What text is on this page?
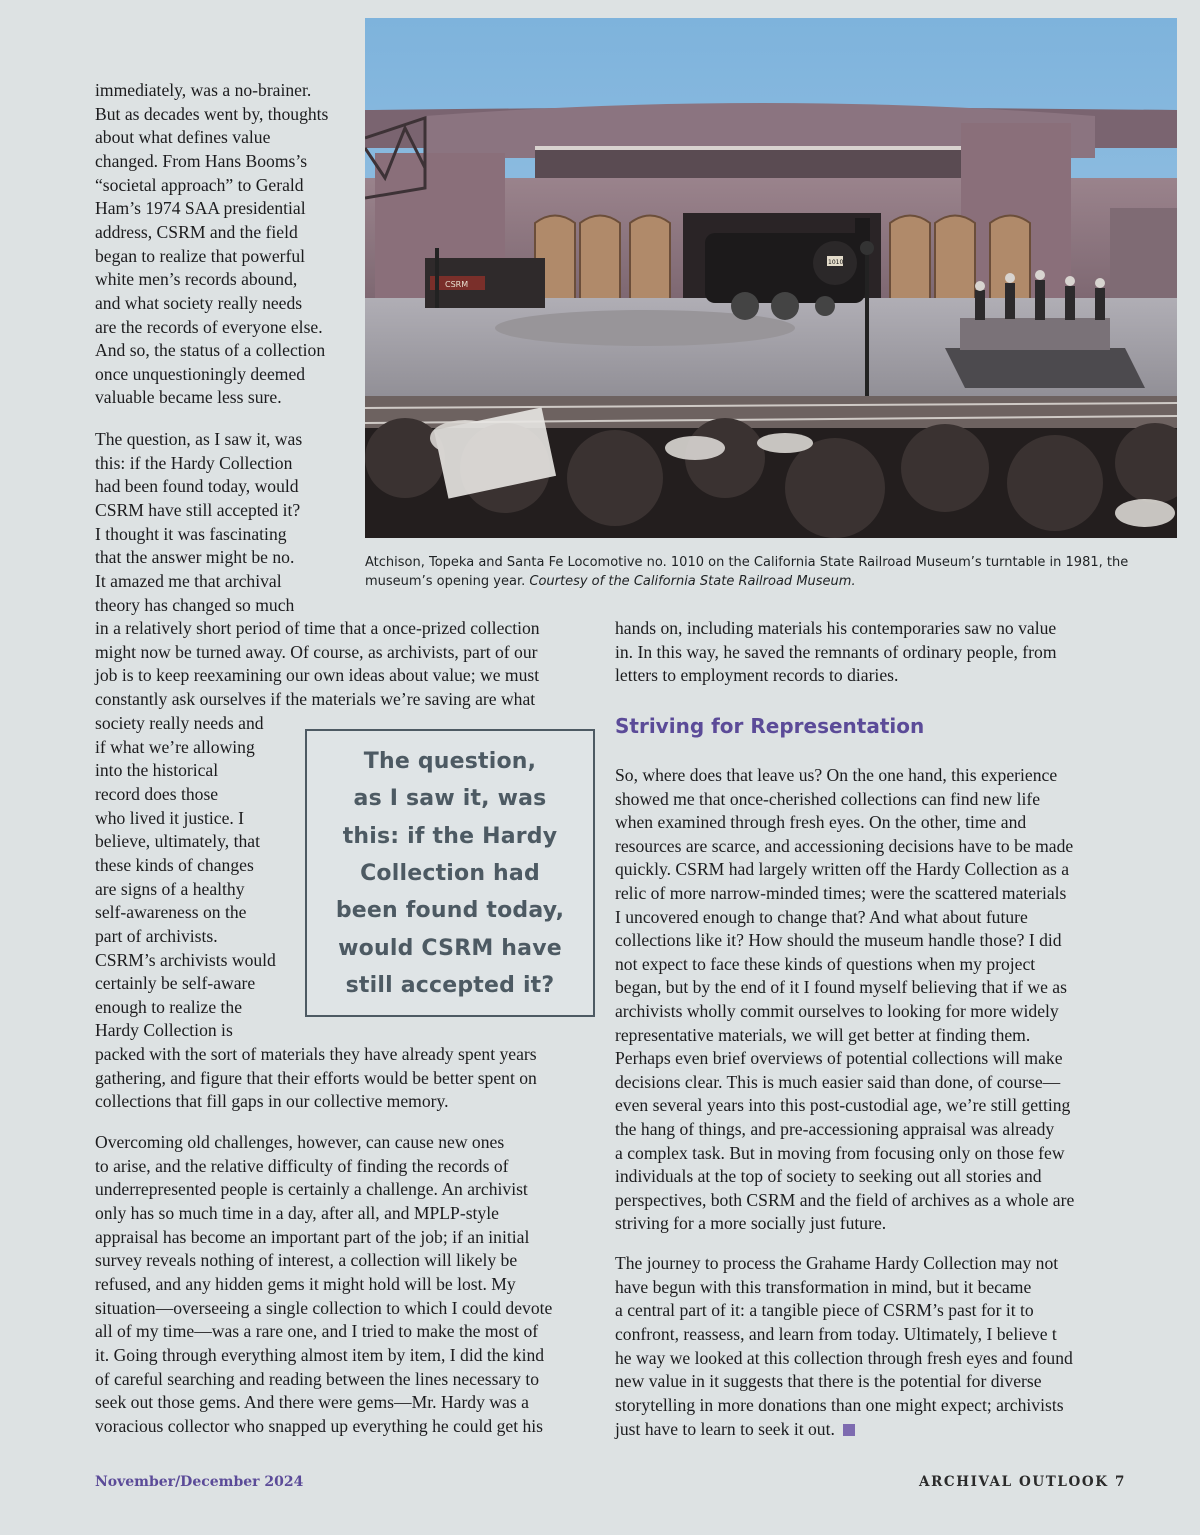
CSRM
1010
Atchison, Topeka and Santa Fe Locomotive no. 1010 on the California State Railroad Museum’s turntable in 1981, the
museum’s opening year. Courtesy of the California State Railroad Museum.
immediately, was a no-brainer.
But as decades went by, thoughts
about what defines value
changed. From Hans Booms’s
“societal approach” to Gerald
Ham’s 1974 SAA presidential
address, CSRM and the field
began to realize that powerful
white men’s records abound,
and what society really needs
are the records of everyone else.
And so, the status of a collection
once unquestioningly deemed
valuable became less sure.
The question, as I saw it, was
this: if the Hardy Collection
had been found today, would
CSRM have still accepted it?
I thought it was fascinating
that the answer might be no.
It amazed me that archival
theory has changed so much
in a relatively short period of time that a once-prized collection
might now be turned away. Of course, as archivists, part of our
job is to keep reexamining our own ideas about value; we must
constantly ask ourselves if the materials we’re saving are what
society really needs and
if what we’re allowing
into the historical
record does those
who lived it justice. I
believe, ultimately, that
these kinds of changes
are signs of a healthy
self-awareness on the
part of archivists.
CSRM’s archivists would
certainly be self-aware
enough to realize the
Hardy Collection is
packed with the sort of materials they have already spent years
gathering, and figure that their efforts would be better spent on
collections that fill gaps in our collective memory.
Overcoming old challenges, however, can cause new ones
to arise, and the relative difficulty of finding the records of
underrepresented people is certainly a challenge. An archivist
only has so much time in a day, after all, and MPLP-style
appraisal has become an important part of the job; if an initial
survey reveals nothing of interest, a collection will likely be
refused, and any hidden gems it might hold will be lost. My
situation—overseeing a single collection to which I could devote
all of my time—was a rare one, and I tried to make the most of
it. Going through everything almost item by item, I did the kind
of careful searching and reading between the lines necessary to
seek out those gems. And there were gems—Mr. Hardy was a
voracious collector who snapped up everything he could get his
The question,
as I saw it, was
this: if the Hardy
Collection had
been found today,
would CSRM have
still accepted it?
hands on, including materials his contemporaries saw no value
in. In this way, he saved the remnants of ordinary people, from
letters to employment records to diaries.
Striving for Representation
So, where does that leave us? On the one hand, this experience
showed me that once-cherished collections can find new life
when examined through fresh eyes. On the other, time and
resources are scarce, and accessioning decisions have to be made
quickly. CSRM had largely written off the Hardy Collection as a
relic of more narrow-minded times; were the scattered materials
I uncovered enough to change that? And what about future
collections like it? How should the museum handle those? I did
not expect to face these kinds of questions when my project
began, but by the end of it I found myself believing that if we as
archivists wholly commit ourselves to looking for more widely
representative materials, we will get better at finding them.
Perhaps even brief overviews of potential collections will make
decisions clear. This is much easier said than done, of course—
even several years into this post-custodial age, we’re still getting
the hang of things, and pre-accessioning appraisal was already
a complex task. But in moving from focusing only on those few
individuals at the top of society to seeking out all stories and
perspectives, both CSRM and the field of archives as a whole are
striving for a more socially just future.
The journey to process the Grahame Hardy Collection may not
have begun with this transformation in mind, but it became
a central part of it: a tangible piece of CSRM’s past for it to
confront, reassess, and learn from today. Ultimately, I believe t
he way we looked at this collection through fresh eyes and found
new value in it suggests that there is the potential for diverse
storytelling in more donations than one might expect; archivists
just have to learn to seek it out.
November/December 2024	ARCHIVAL OUTLOOK 7
